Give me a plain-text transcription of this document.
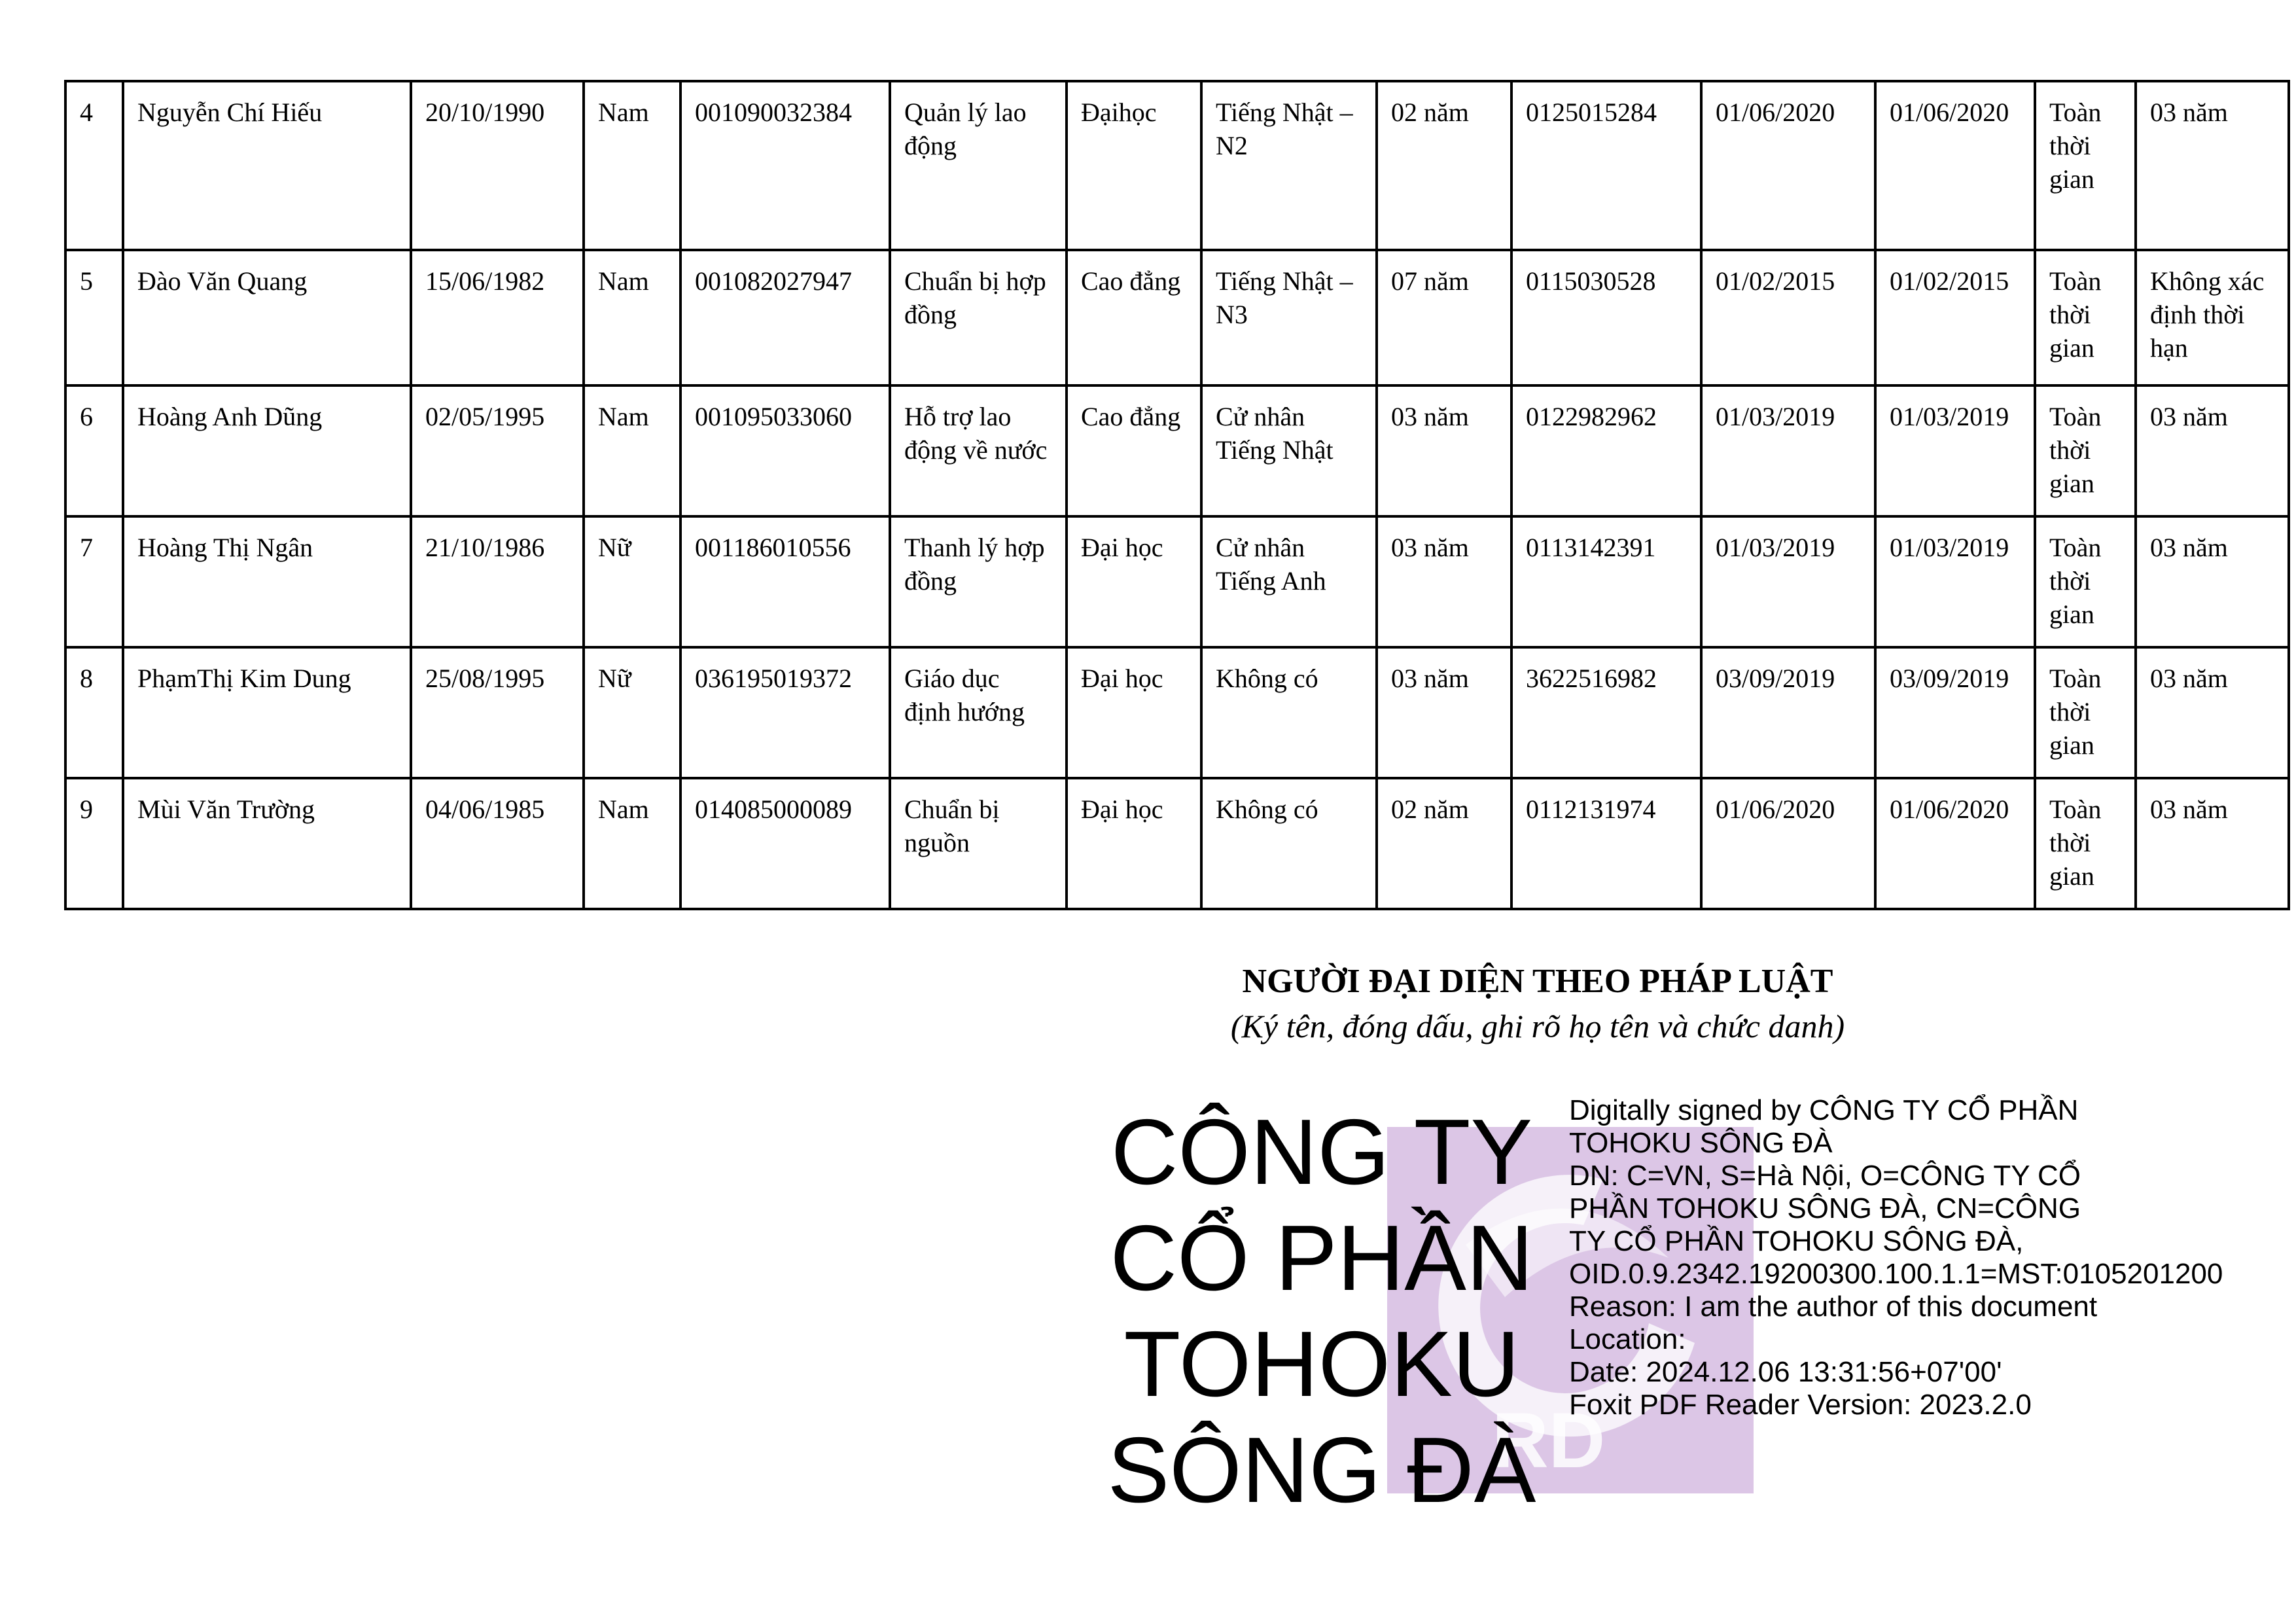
4	Nguyễn Chí Hiếu	20/10/1990	Nam	001090032384	Quản lý lao động	Đạihọc	Tiếng Nhật – N2	02 năm	0125015284	01/06/2020	01/06/2020	Toàn thời gian	03 năm
5	Đào Văn Quang	15/06/1982	Nam	001082027947	Chuẩn bị hợp đồng	Cao đẳng	Tiếng Nhật – N3	07 năm	0115030528	01/02/2015	01/02/2015	Toàn thời gian	Không xác định thời hạn
6	Hoàng Anh Dũng	02/05/1995	Nam	001095033060	Hỗ trợ lao động về nước	Cao đẳng	Cử nhân Tiếng Nhật	03 năm	0122982962	01/03/2019	01/03/2019	Toàn thời gian	03 năm
7	Hoàng Thị Ngân	21/10/1986	Nữ	001186010556	Thanh lý hợp đồng	Đại học	Cử nhân Tiếng Anh	03 năm	0113142391	01/03/2019	01/03/2019	Toàn thời gian	03 năm
8	PhạmThị Kim Dung	25/08/1995	Nữ	036195019372	Giáo dục định hướng	Đại học	Không có	03 năm	3622516982	03/09/2019	03/09/2019	Toàn thời gian	03 năm
9	Mùi Văn Trường	04/06/1985	Nam	014085000089	Chuẩn bị nguồn	Đại học	Không có	02 năm	0112131974	01/06/2020	01/06/2020	Toàn thời gian	03 năm
NGƯỜI ĐẠI DIỆN THEO PHÁP LUẬT
(Ký tên, đóng dấu, ghi rõ họ tên và chức danh)
RD
CÔNG TY CỔ PHẦN TOHOKU SÔNG ĐÀ
Digitally signed by CÔNG TY CỔ PHẦN TOHOKU SÔNG ĐÀ
DN: C=VN, S=Hà Nội, O=CÔNG TY CỔ PHẦN TOHOKU SÔNG ĐÀ, CN=CÔNG TY CỔ PHẦN TOHOKU SÔNG ĐÀ, OID.0.9.2342.19200300.100.1.1=MST:0105201200
Reason: I am the author of this document
Location:
Date: 2024.12.06 13:31:56+07'00'
Foxit PDF Reader Version: 2023.2.0
